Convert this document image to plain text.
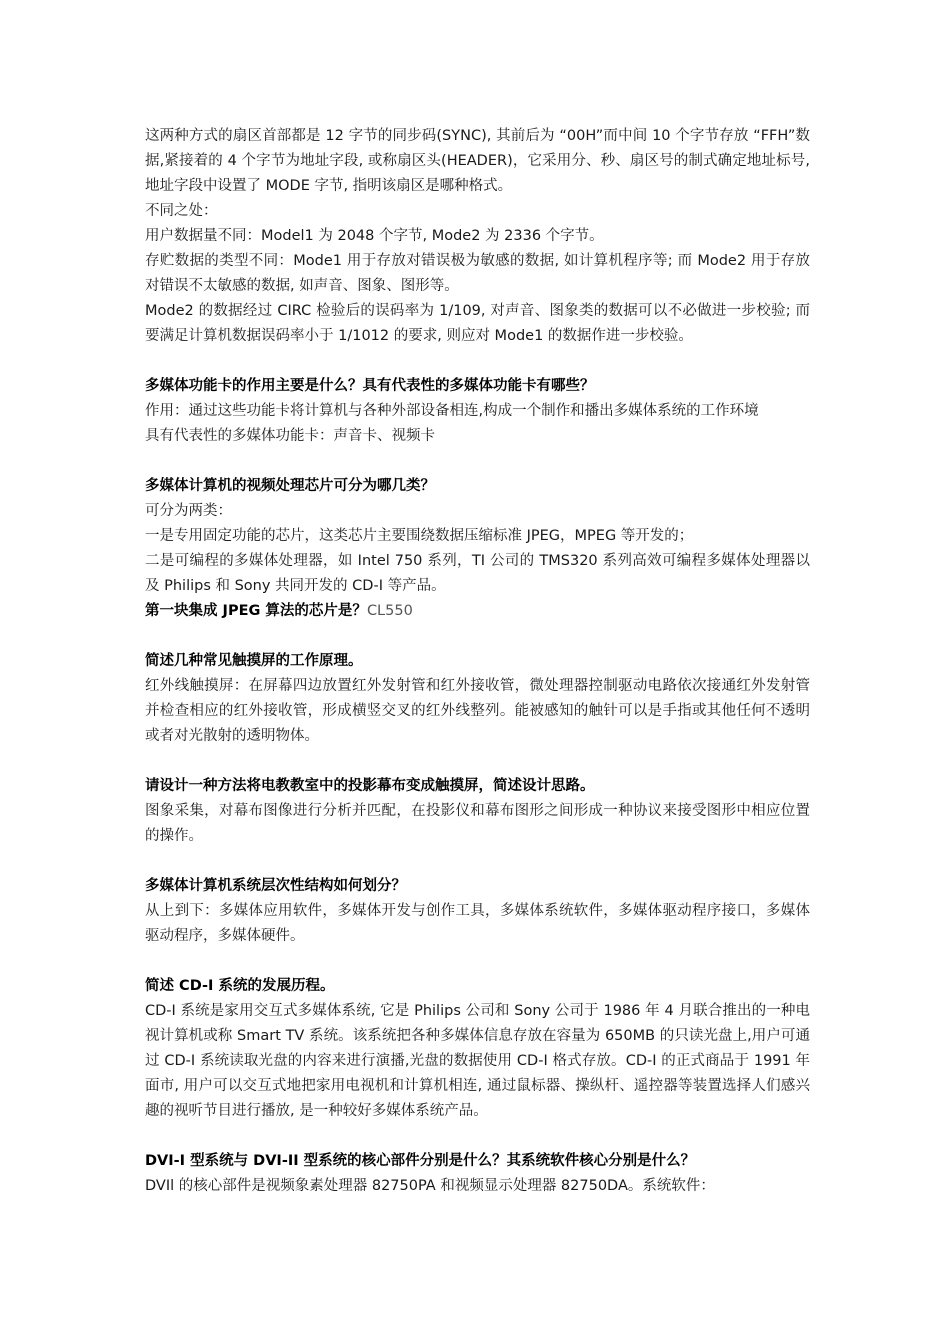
这两种方式的扇区首部都是 12 字节的同步码(SYNC), 其前后为 “00H”而中间 10 个字节存放 “FFH”数据,紧接着的 4 个字节为地址字段, 或称扇区头(HEADER)，它采用分、秒、扇区号的制式确定地址标号, 地址字段中设置了 MODE 字节, 指明该扇区是哪种格式。

不同之处：

用户数据量不同：Model1 为 2048 个字节, Mode2 为 2336 个字节。

存贮数据的类型不同：Mode1 用于存放对错误极为敏感的数据, 如计算机程序等; 而 Mode2 用于存放对错误不太敏感的数据, 如声音、图象、图形等。

Mode2 的数据经过 CIRC 检验后的误码率为 1/109, 对声音、图象类的数据可以不必做进一步校验; 而要满足计算机数据误码率小于 1/1012 的要求, 则应对 Mode1 的数据作进一步校验。

多媒体功能卡的作用主要是什么？具有代表性的多媒体功能卡有哪些？

作用：通过这些功能卡将计算机与各种外部设备相连,构成一个制作和播出多媒体系统的工作环境

具有代表性的多媒体功能卡：声音卡、视频卡

多媒体计算机的视频处理芯片可分为哪几类？

可分为两类：

一是专用固定功能的芯片，这类芯片主要围绕数据压缩标准 JPEG，MPEG 等开发的；

二是可编程的多媒体处理器，如 Intel 750 系列，TI 公司的 TMS320 系列高效可编程多媒体处理器以及 Philips 和 Sony 共同开发的 CD-I 等产品。

第一块集成 JPEG 算法的芯片是？CL550

简述几种常见触摸屏的工作原理。

红外线触摸屏：在屏幕四边放置红外发射管和红外接收管，微处理器控制驱动电路依次接通红外发射管并检查相应的红外接收管，形成横竖交叉的红外线整列。能被感知的触针可以是手指或其他任何不透明或者对光散射的透明物体。

请设计一种方法将电教教室中的投影幕布变成触摸屏，简述设计思路。

图象采集，对幕布图像进行分析并匹配，在投影仪和幕布图形之间形成一种协议来接受图形中相应位置的操作。

多媒体计算机系统层次性结构如何划分？

从上到下：多媒体应用软件，多媒体开发与创作工具，多媒体系统软件，多媒体驱动程序接口，多媒体驱动程序，多媒体硬件。

简述 CD-I 系统的发展历程。

CD-I 系统是家用交互式多媒体系统, 它是 Philips 公司和 Sony 公司于 1986 年 4 月联合推出的一种电视计算机或称 Smart TV 系统。该系统把各种多媒体信息存放在容量为 650MB 的只读光盘上,用户可通过 CD-I 系统读取光盘的内容来进行演播,光盘的数据使用 CD-I 格式存放。CD-I 的正式商品于 1991 年面市, 用户可以交互式地把家用电视机和计算机相连, 通过鼠标器、操纵杆、遥控器等装置选择人们感兴趣的视听节目进行播放, 是一种较好多媒体系统产品。

DVI-I 型系统与 DVI-II 型系统的核心部件分别是什么？其系统软件核心分别是什么？

DVIl 的核心部件是视频象素处理器 82750PA 和视频显示处理器 82750DA。系统软件：
